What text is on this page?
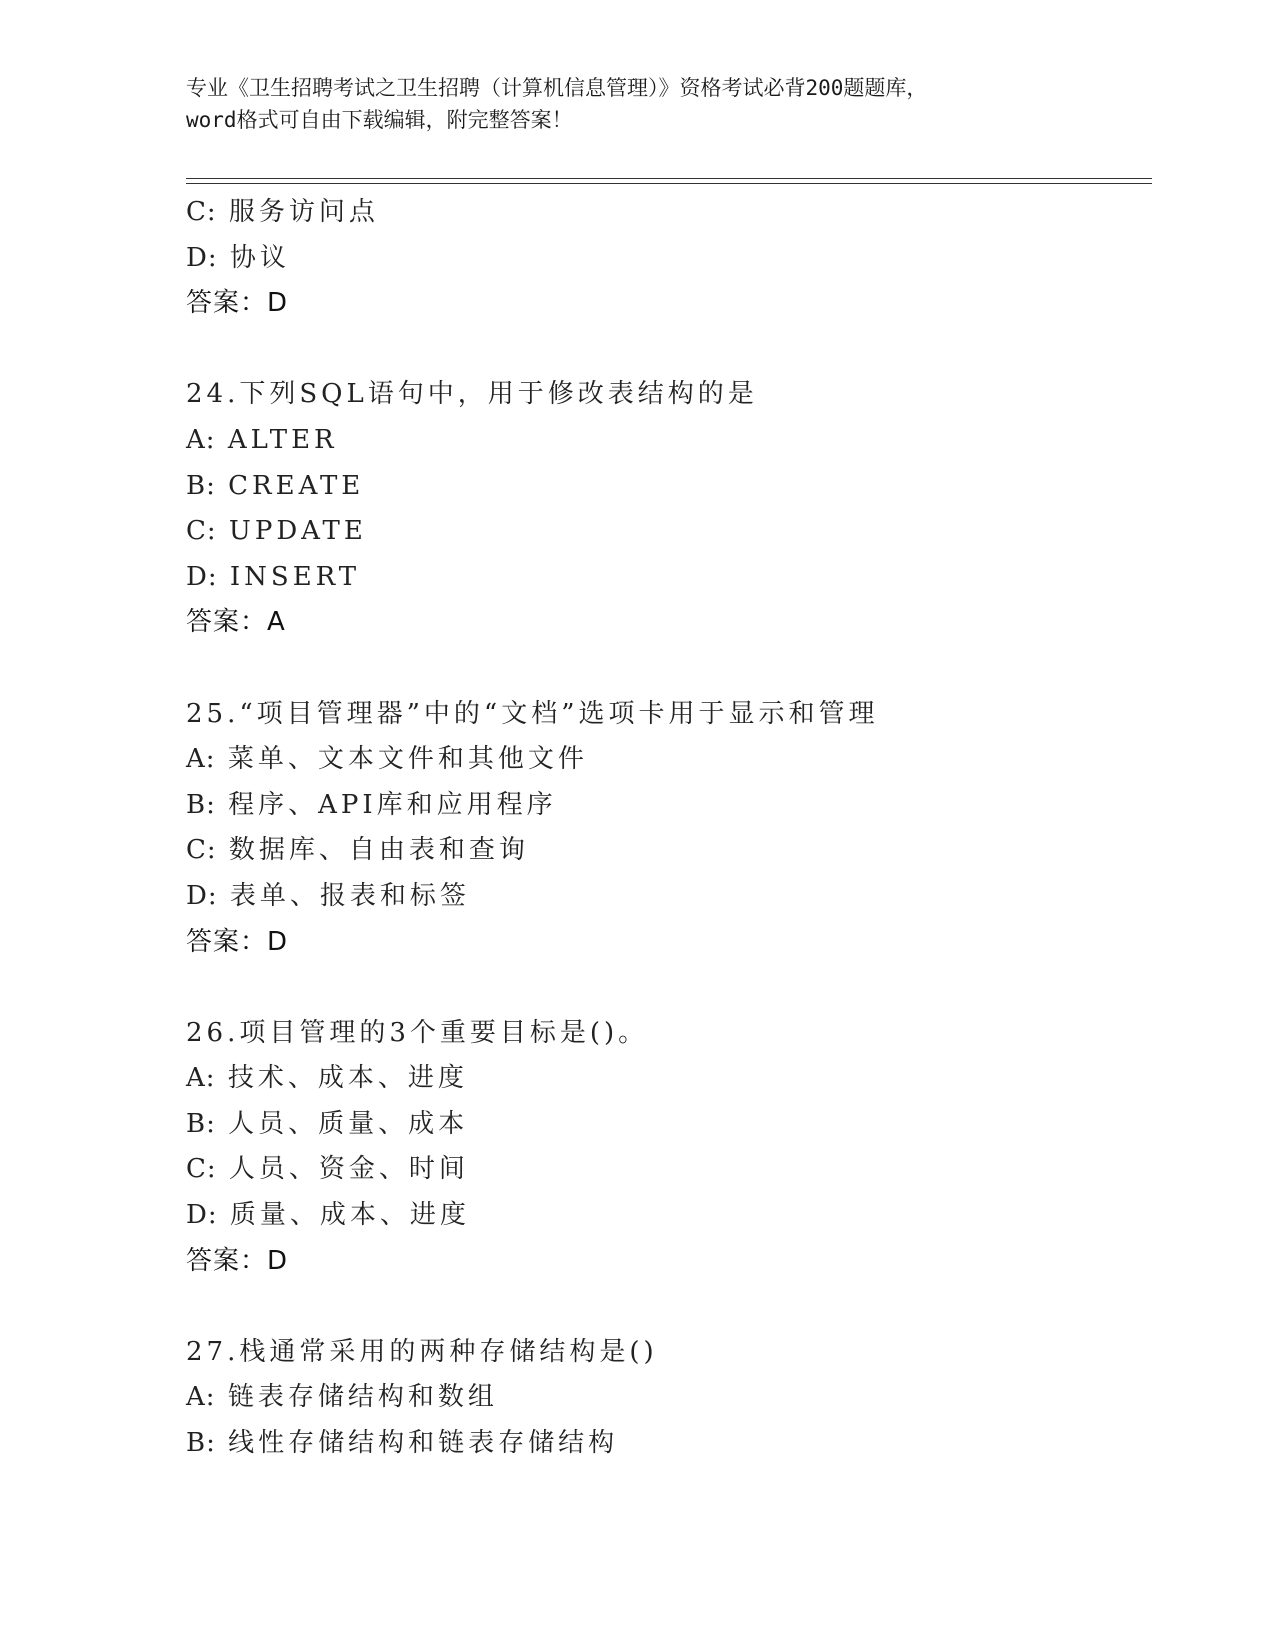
专业《卫生招聘考试之卫生招聘（计算机信息管理）》资格考试必背200题题库，
word格式可自由下载编辑，附完整答案！
C: 服务访问点
D: 协议
答案：D
24.下列SQL语句中，用于修改表结构的是
A: ALTER
B: CREATE
C: UPDATE
D: INSERT
答案：A
25.“项目管理器”中的“文档”选项卡用于显示和管理
A: 菜单、文本文件和其他文件
B: 程序、API库和应用程序
C: 数据库、自由表和查询
D: 表单、报表和标签
答案：D
26.项目管理的3个重要目标是()。
A: 技术、成本、进度
B: 人员、质量、成本
C: 人员、资金、时间
D: 质量、成本、进度
答案：D
27.栈通常采用的两种存储结构是()
A: 链表存储结构和数组
B: 线性存储结构和链表存储结构
